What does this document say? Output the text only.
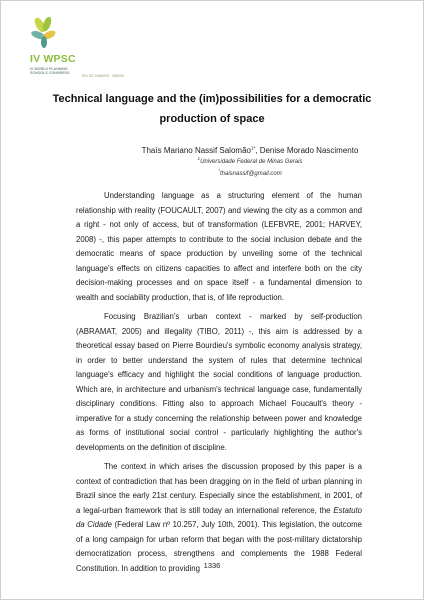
IV WPSC
IV WORLD PLANNING SCHOOLS CONGRESS
RIO DE JANEIRO · BRASIL
Technical language and the (im)possibilities for a democratic production of space
Thaís Mariano Nassif Salomão$^{1*}$, Denise Morado Nascimento
$^1$Universidade Federal de Minas Gerais
*thaisnassif@gmail.com

Understanding language as a structuring element of the human relationship with reality (FOUCAULT, 2007) and viewing the city as a common and a right - not only of access, but of transformation (LEFBVRE, 2001; HARVEY, 2008) -, this paper attempts to contribute to the social inclusion debate and the democratic means of space production by unveiling some of the technical language's effects on citizens capacities to affect and interfere both on the city decision-making processes and on space itself - a fundamental dimension to wealth and sociability production, that is, of life reproduction.

Focusing Brazilian's urban context - marked by self-production (ABRAMAT, 2005) and illegality (TIBO, 2011) -, this aim is addressed by a theoretical essay based on Pierre Bourdieu's symbolic economy analysis strategy, in order to better understand the system of rules that determine technical language's efficacy and highlight the social conditions of language production. Which are, in architecture and urbanism's technical language case, fundamentally disciplinary conditions. Fitting also to approach Michael Foucault's theory - imperative for a study concerning the relationship between power and knowledge as forms of institutional social control - particularly highlighting the author's developments on the definition of discipline.

The context in which arises the discussion proposed by this paper is a context of contradiction that has been dragging on in the field of urban planning in Brazil since the early 21st century. Especially since the establishment, in 2001, of a legal-urban framework that is still today an international reference, the Estatuto da Cidade (Federal Law nº 10.257, July 10th, 2001). This legislation, the outcome of a long campaign for urban reform that began with the post-military dictatorship democratization process, strengthens and complements the 1988 Federal Constitution. In addition to providing 1336
